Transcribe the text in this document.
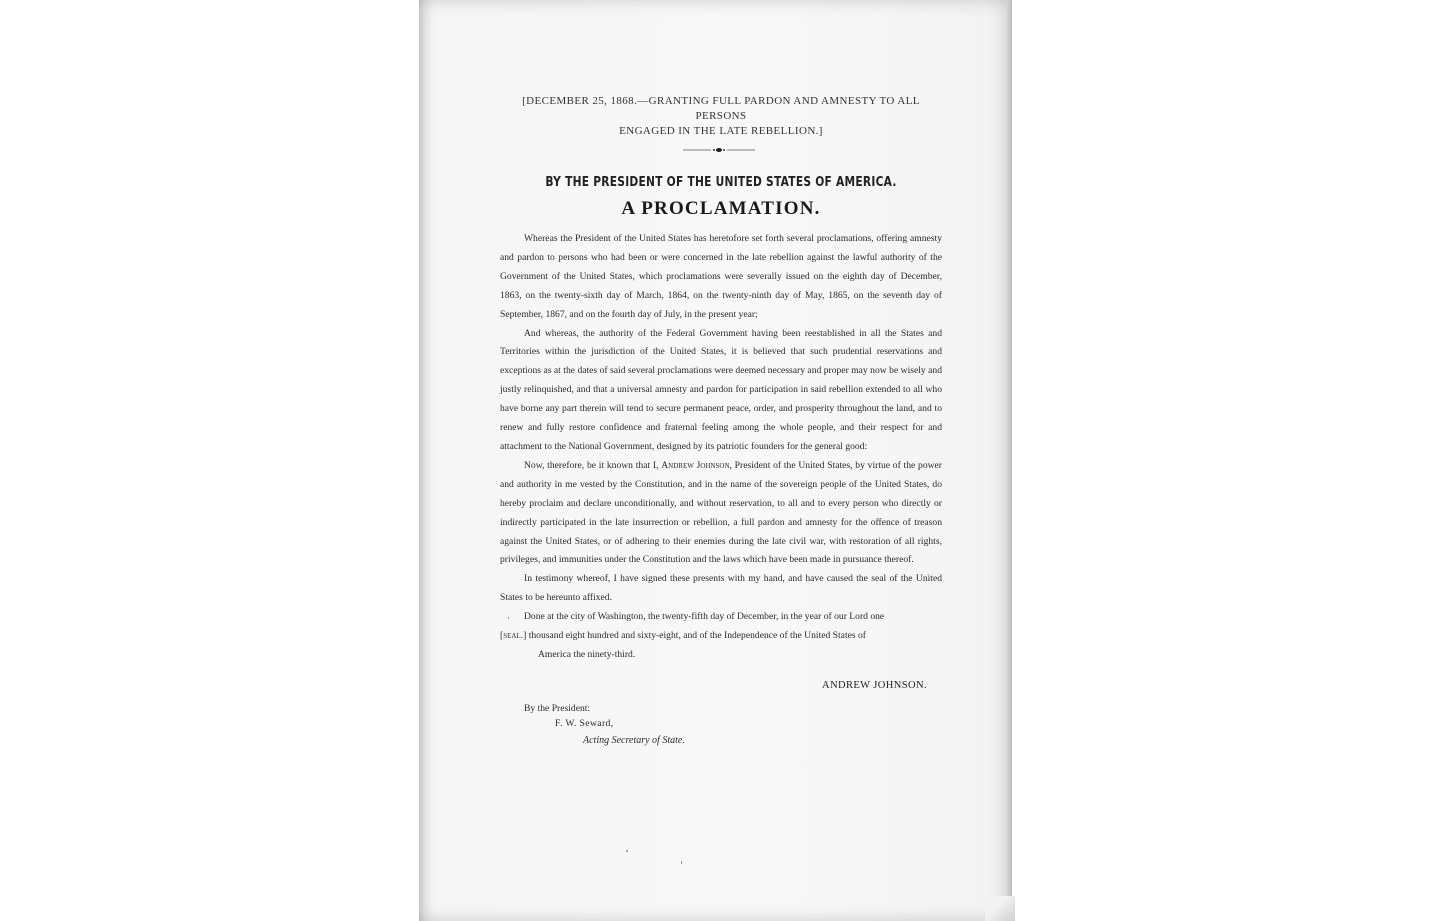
[DECEMBER 25, 1868.—GRANTING FULL PARDON AND AMNESTY TO ALL PERSONS
ENGAGED IN THE LATE REBELLION.]
BY THE PRESIDENT OF THE UNITED STATES OF AMERICA.
A PROCLAMATION.

Whereas the President of the United States has heretofore set forth several proclamations, offering amnesty and pardon to persons who had been or were concerned in the late rebellion against the lawful authority of the Government of the United States, which proclamations were severally issued on the eighth day of December, 1863, on the twenty-sixth day of March, 1864, on the twenty-ninth day of May, 1865, on the seventh day of September, 1867, and on the fourth day of July, in the present year;

And whereas, the authority of the Federal Government having been reestablished in all the States and Territories within the jurisdiction of the United States, it is believed that such prudential reservations and exceptions as at the dates of said several proclamations were deemed necessary and proper may now be wisely and justly relinquished, and that a universal amnesty and pardon for participation in said rebellion extended to all who have borne any part therein will tend to secure permanent peace, order, and prosperity throughout the land, and to renew and fully restore confidence and fraternal feeling among the whole people, and their respect for and attachment to the National Government, designed by its patriotic founders for the general good:

Now, therefore, be it known that I, Andrew Johnson, President of the United States, by virtue of the power and authority in me vested by the Constitution, and in the name of the sovereign people of the United States, do hereby proclaim and declare unconditionally, and without reservation, to all and to every person who directly or indirectly participated in the late insurrection or rebellion, a full pardon and amnesty for the offence of treason against the United States, or of adhering to their enemies during the late civil war, with restoration of all rights, privileges, and immunities under the Constitution and the laws which have been made in pursuance thereof.

In testimony whereof, I have signed these presents with my hand, and have caused the seal of the United States to be hereunto affixed.

Done at the city of Washington, the twenty-fifth day of December, in the year of our Lord one

[seal.] thousand eight hundred and sixty-eight, and of the Independence of the United States of
America the ninety-third.
ANDREW JOHNSON.
By the President:
F. W. Seward,
Acting Secretary of State.
